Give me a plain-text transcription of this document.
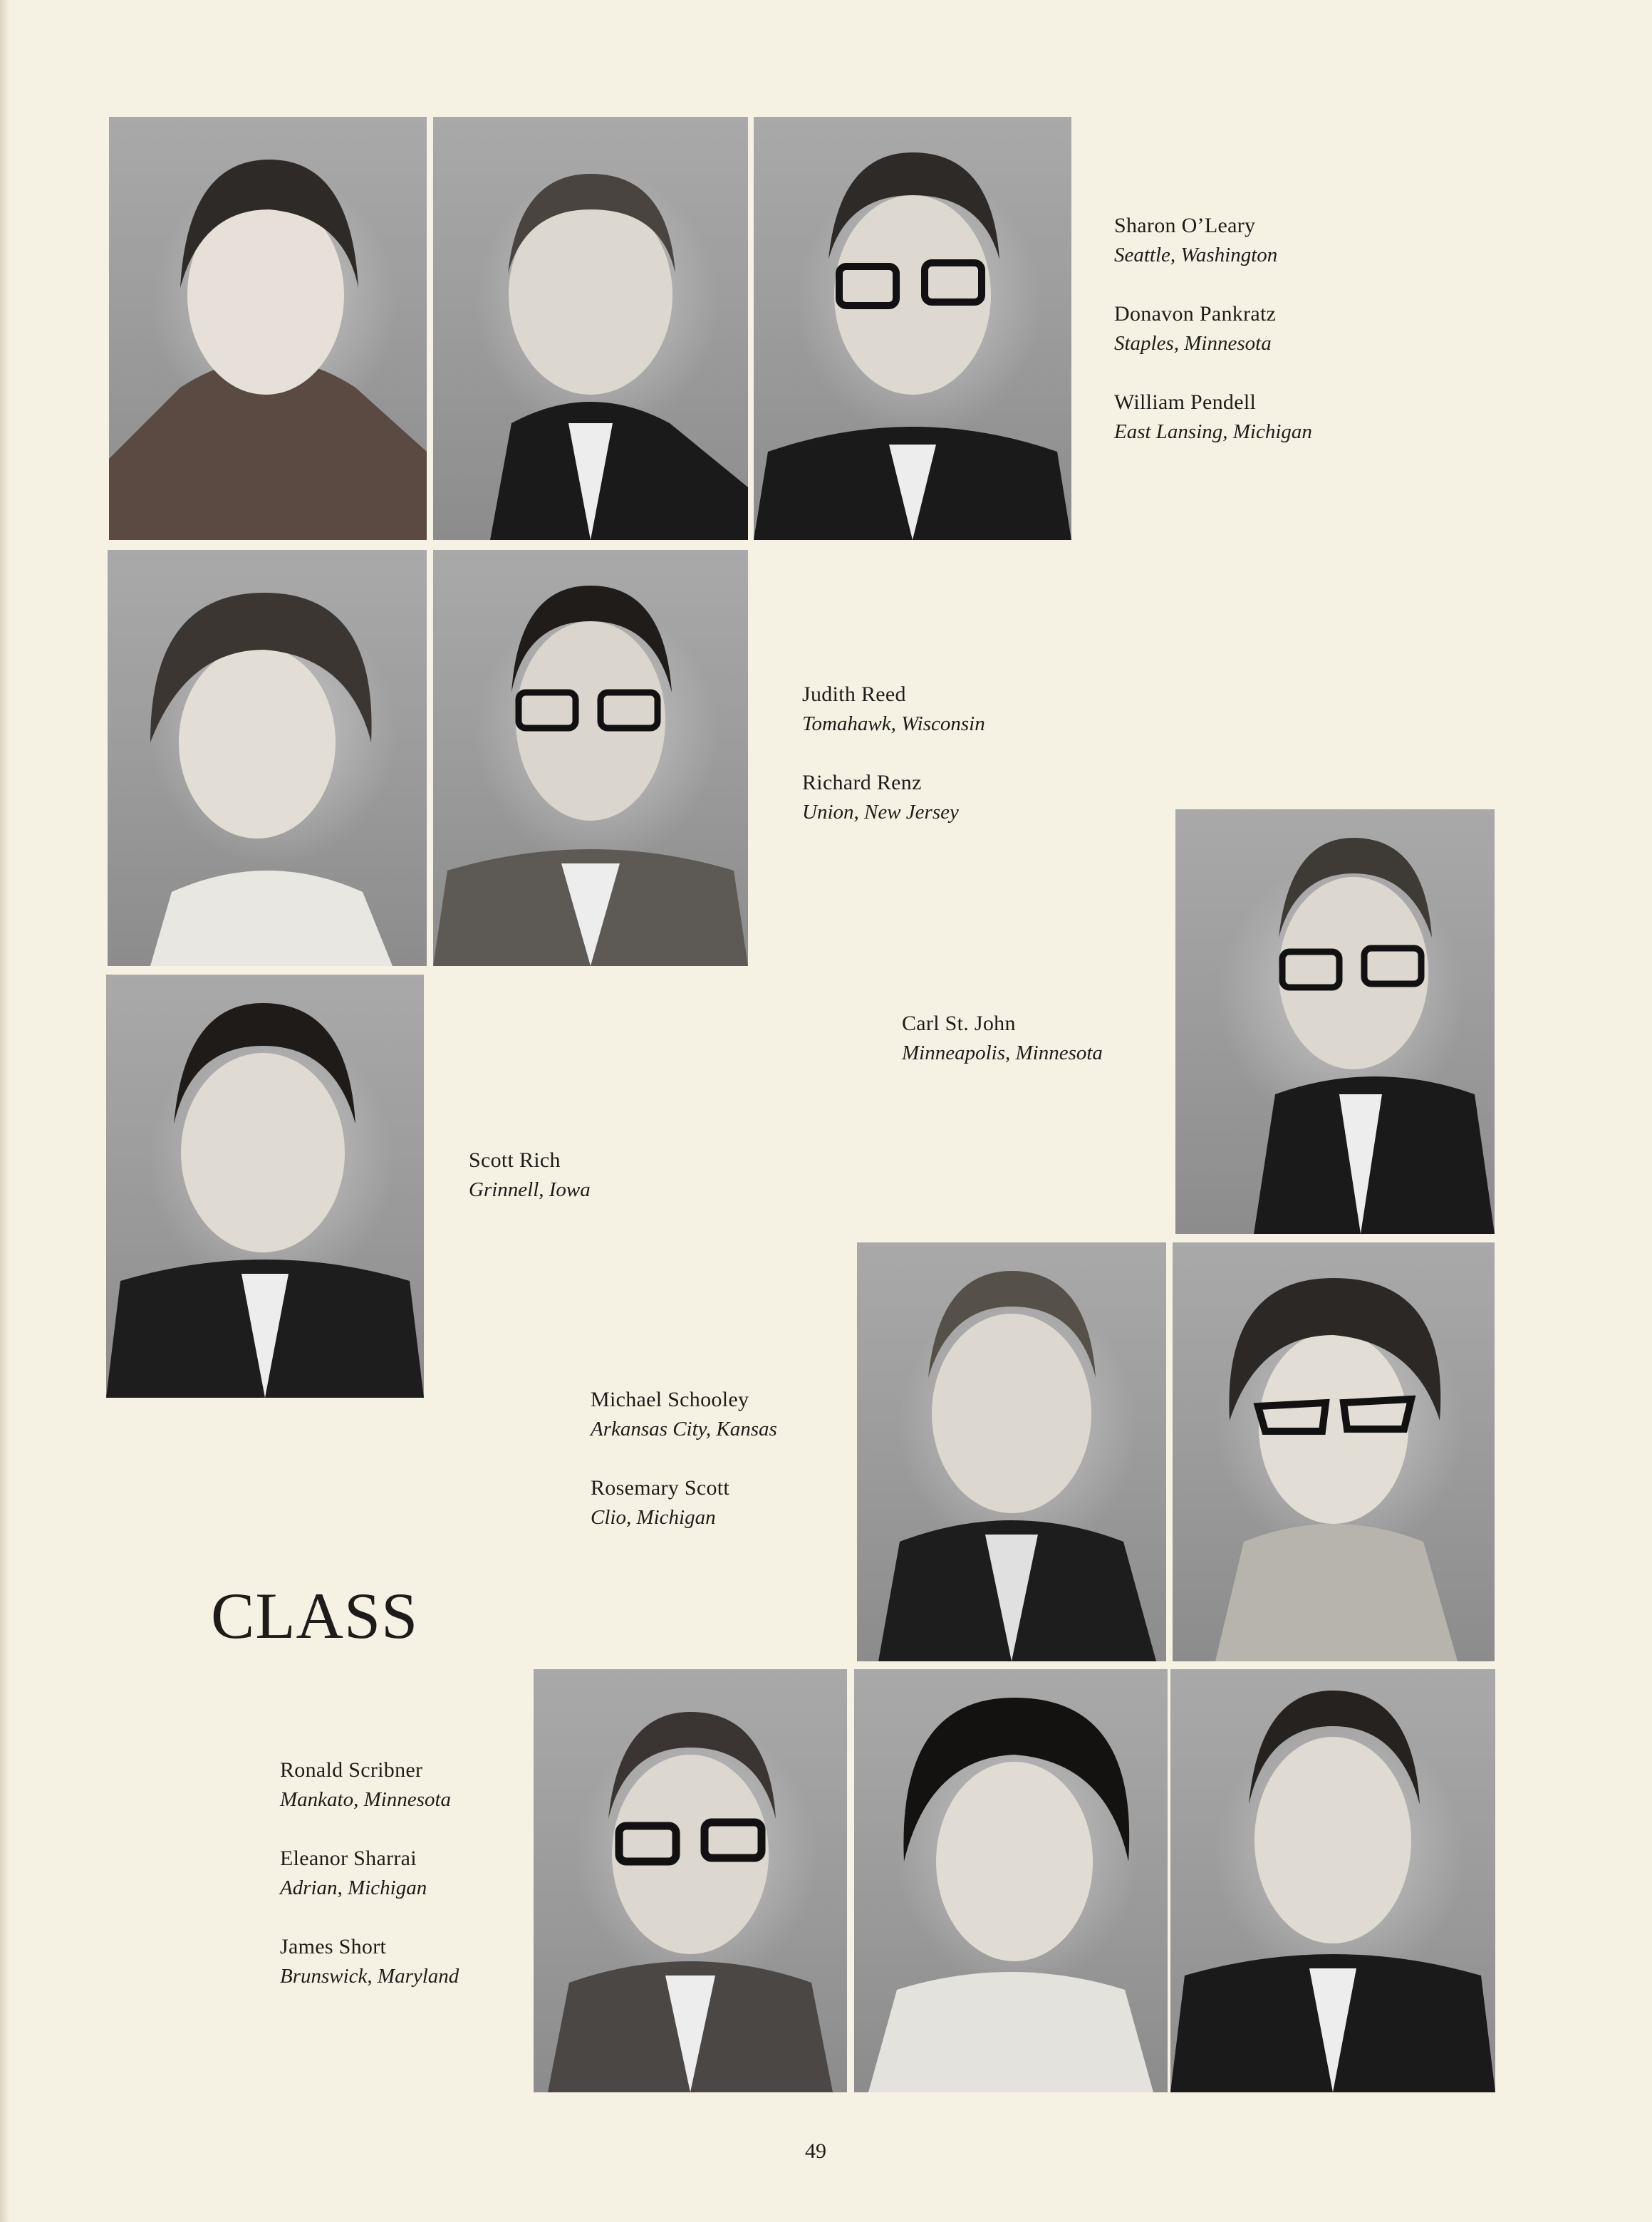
Sharon O’Leary
Seattle, Washington
Donavon Pankratz
Staples, Minnesota
William Pendell
East Lansing, Michigan
Judith Reed
Tomahawk, Wisconsin
Richard Renz
Union, New Jersey
Carl St. John
Minneapolis, Minnesota
Scott Rich
Grinnell, Iowa
Michael Schooley
Arkansas City, Kansas
Rosemary Scott
Clio, Michigan
CLASS
Ronald Scribner
Mankato, Minnesota
Eleanor Sharrai
Adrian, Michigan
James Short
Brunswick, Maryland
49
